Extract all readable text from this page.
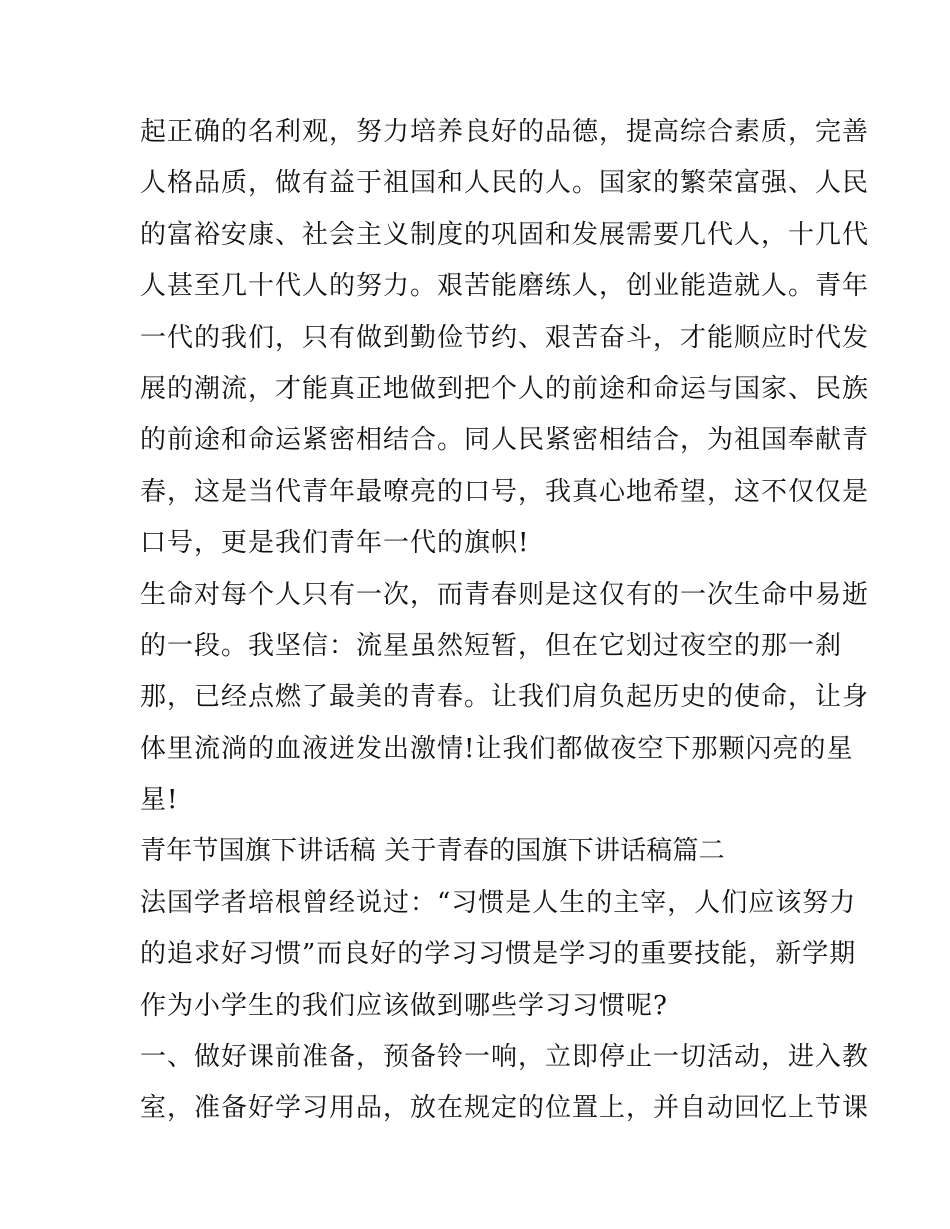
起正确的名利观，努力培养良好的品德，提高综合素质，完善
人格品质，做有益于祖国和人民的人。国家的繁荣富强、人民
的富裕安康、社会主义制度的巩固和发展需要几代人，十几代
人甚至几十代人的努力。艰苦能磨练人，创业能造就人。青年
一代的我们，只有做到勤俭节约、艰苦奋斗，才能顺应时代发
展的潮流，才能真正地做到把个人的前途和命运与国家、民族
的前途和命运紧密相结合。同人民紧密相结合，为祖国奉献青
春，这是当代青年最嘹亮的口号，我真心地希望，这不仅仅是
口号，更是我们青年一代的旗帜!
生命对每个人只有一次，而青春则是这仅有的一次生命中易逝
的一段。我坚信：流星虽然短暂，但在它划过夜空的那一刹
那，已经点燃了最美的青春。让我们肩负起历史的使命，让身
体里流淌的血液迸发出激情!让我们都做夜空下那颗闪亮的星
星!
青年节国旗下讲话稿 关于青春的国旗下讲话稿篇二
法国学者培根曾经说过：“习惯是人生的主宰，人们应该努力
的追求好习惯”而良好的学习习惯是学习的重要技能，新学期
作为小学生的我们应该做到哪些学习习惯呢?
一、做好课前准备，预备铃一响，立即停止一切活动，进入教
室，准备好学习用品，放在规定的位置上，并自动回忆上节课
